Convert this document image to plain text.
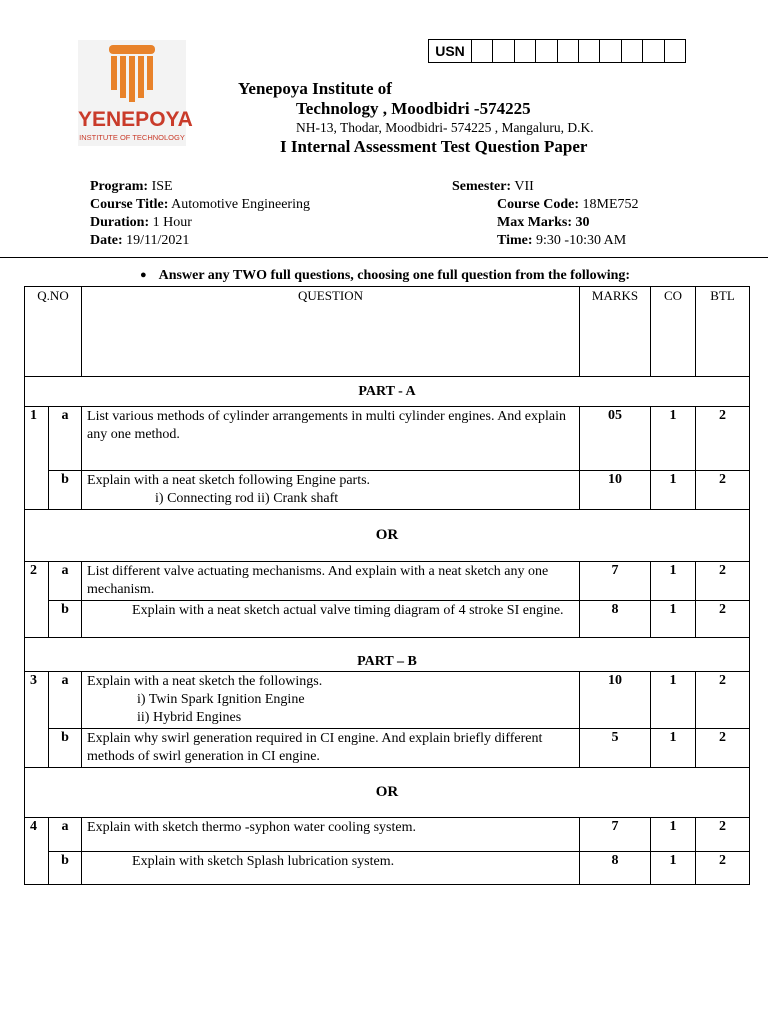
USN
YENEPOYA
INSTITUTE OF TECHNOLOGY
Yenepoya Institute of
Technology , Moodbidri -574225
NH-13, Thodar, Moodbidri- 574225 , Mangaluru, D.K.
I Internal Assessment Test Question Paper
Program: ISE
Course Title: Automotive Engineering
Duration: 1 Hour
Date: 19/11/2021
Semester: VII
Course Code: 18ME752
Max Marks: 30
Time: 9:30 -10:30 AM
● Answer any TWO full questions, choosing one full question from the following:
Q.NO		QUESTION	MARKS	CO	BTL
PART - A					
1	a	List various methods of cylinder arrangements in multi cylinder engines. And explain any one method.	05	1	2
	b	Explain with a neat sketch following Engine parts.
i) Connecting rod ii) Crank shaft	10	1	2
OR					
2	a	List different valve actuating mechanisms. And explain with a neat sketch any one mechanism.	7	1	2
	b	Explain with a neat sketch actual valve timing diagram of 4 stroke SI engine.	8	1	2
PART – B					
3	a	Explain with a neat sketch the followings.
i) Twin Spark Ignition Engine
ii) Hybrid Engines	10	1	2
	b	Explain why swirl generation required in CI engine. And explain briefly different methods of swirl generation in CI engine.	5	1	2
OR					
4	a	Explain with sketch thermo -syphon water cooling system.	7	1	2
	b	Explain with sketch Splash lubrication system.	8	1	2
